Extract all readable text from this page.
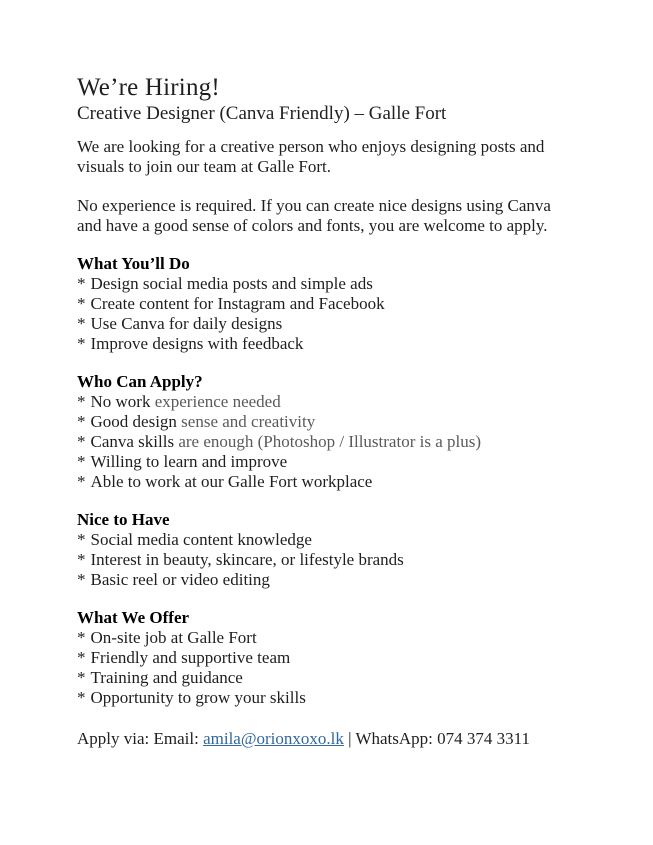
We’re Hiring!
Creative Designer (Canva Friendly) – Galle Fort

We are looking for a creative person who enjoys designing posts and visuals to join our team at Galle Fort.

No experience is required. If you can create nice designs using Canva and have a good sense of colors and fonts, you are welcome to apply.

What You’ll Do
* Design social media posts and simple ads
* Create content for Instagram and Facebook
* Use Canva for daily designs
* Improve designs with feedback
Who Can Apply?
* No work experience needed
* Good design sense and creativity
* Canva skills are enough (Photoshop / Illustrator is a plus)
* Willing to learn and improve
* Able to work at our Galle Fort workplace
Nice to Have
* Social media content knowledge
* Interest in beauty, skincare, or lifestyle brands
* Basic reel or video editing
What We Offer
* On-site job at Galle Fort
* Friendly and supportive team
* Training and guidance
* Opportunity to grow your skills

Apply via: Email: amila@orionxoxo.lk | WhatsApp: 074 374 3311
